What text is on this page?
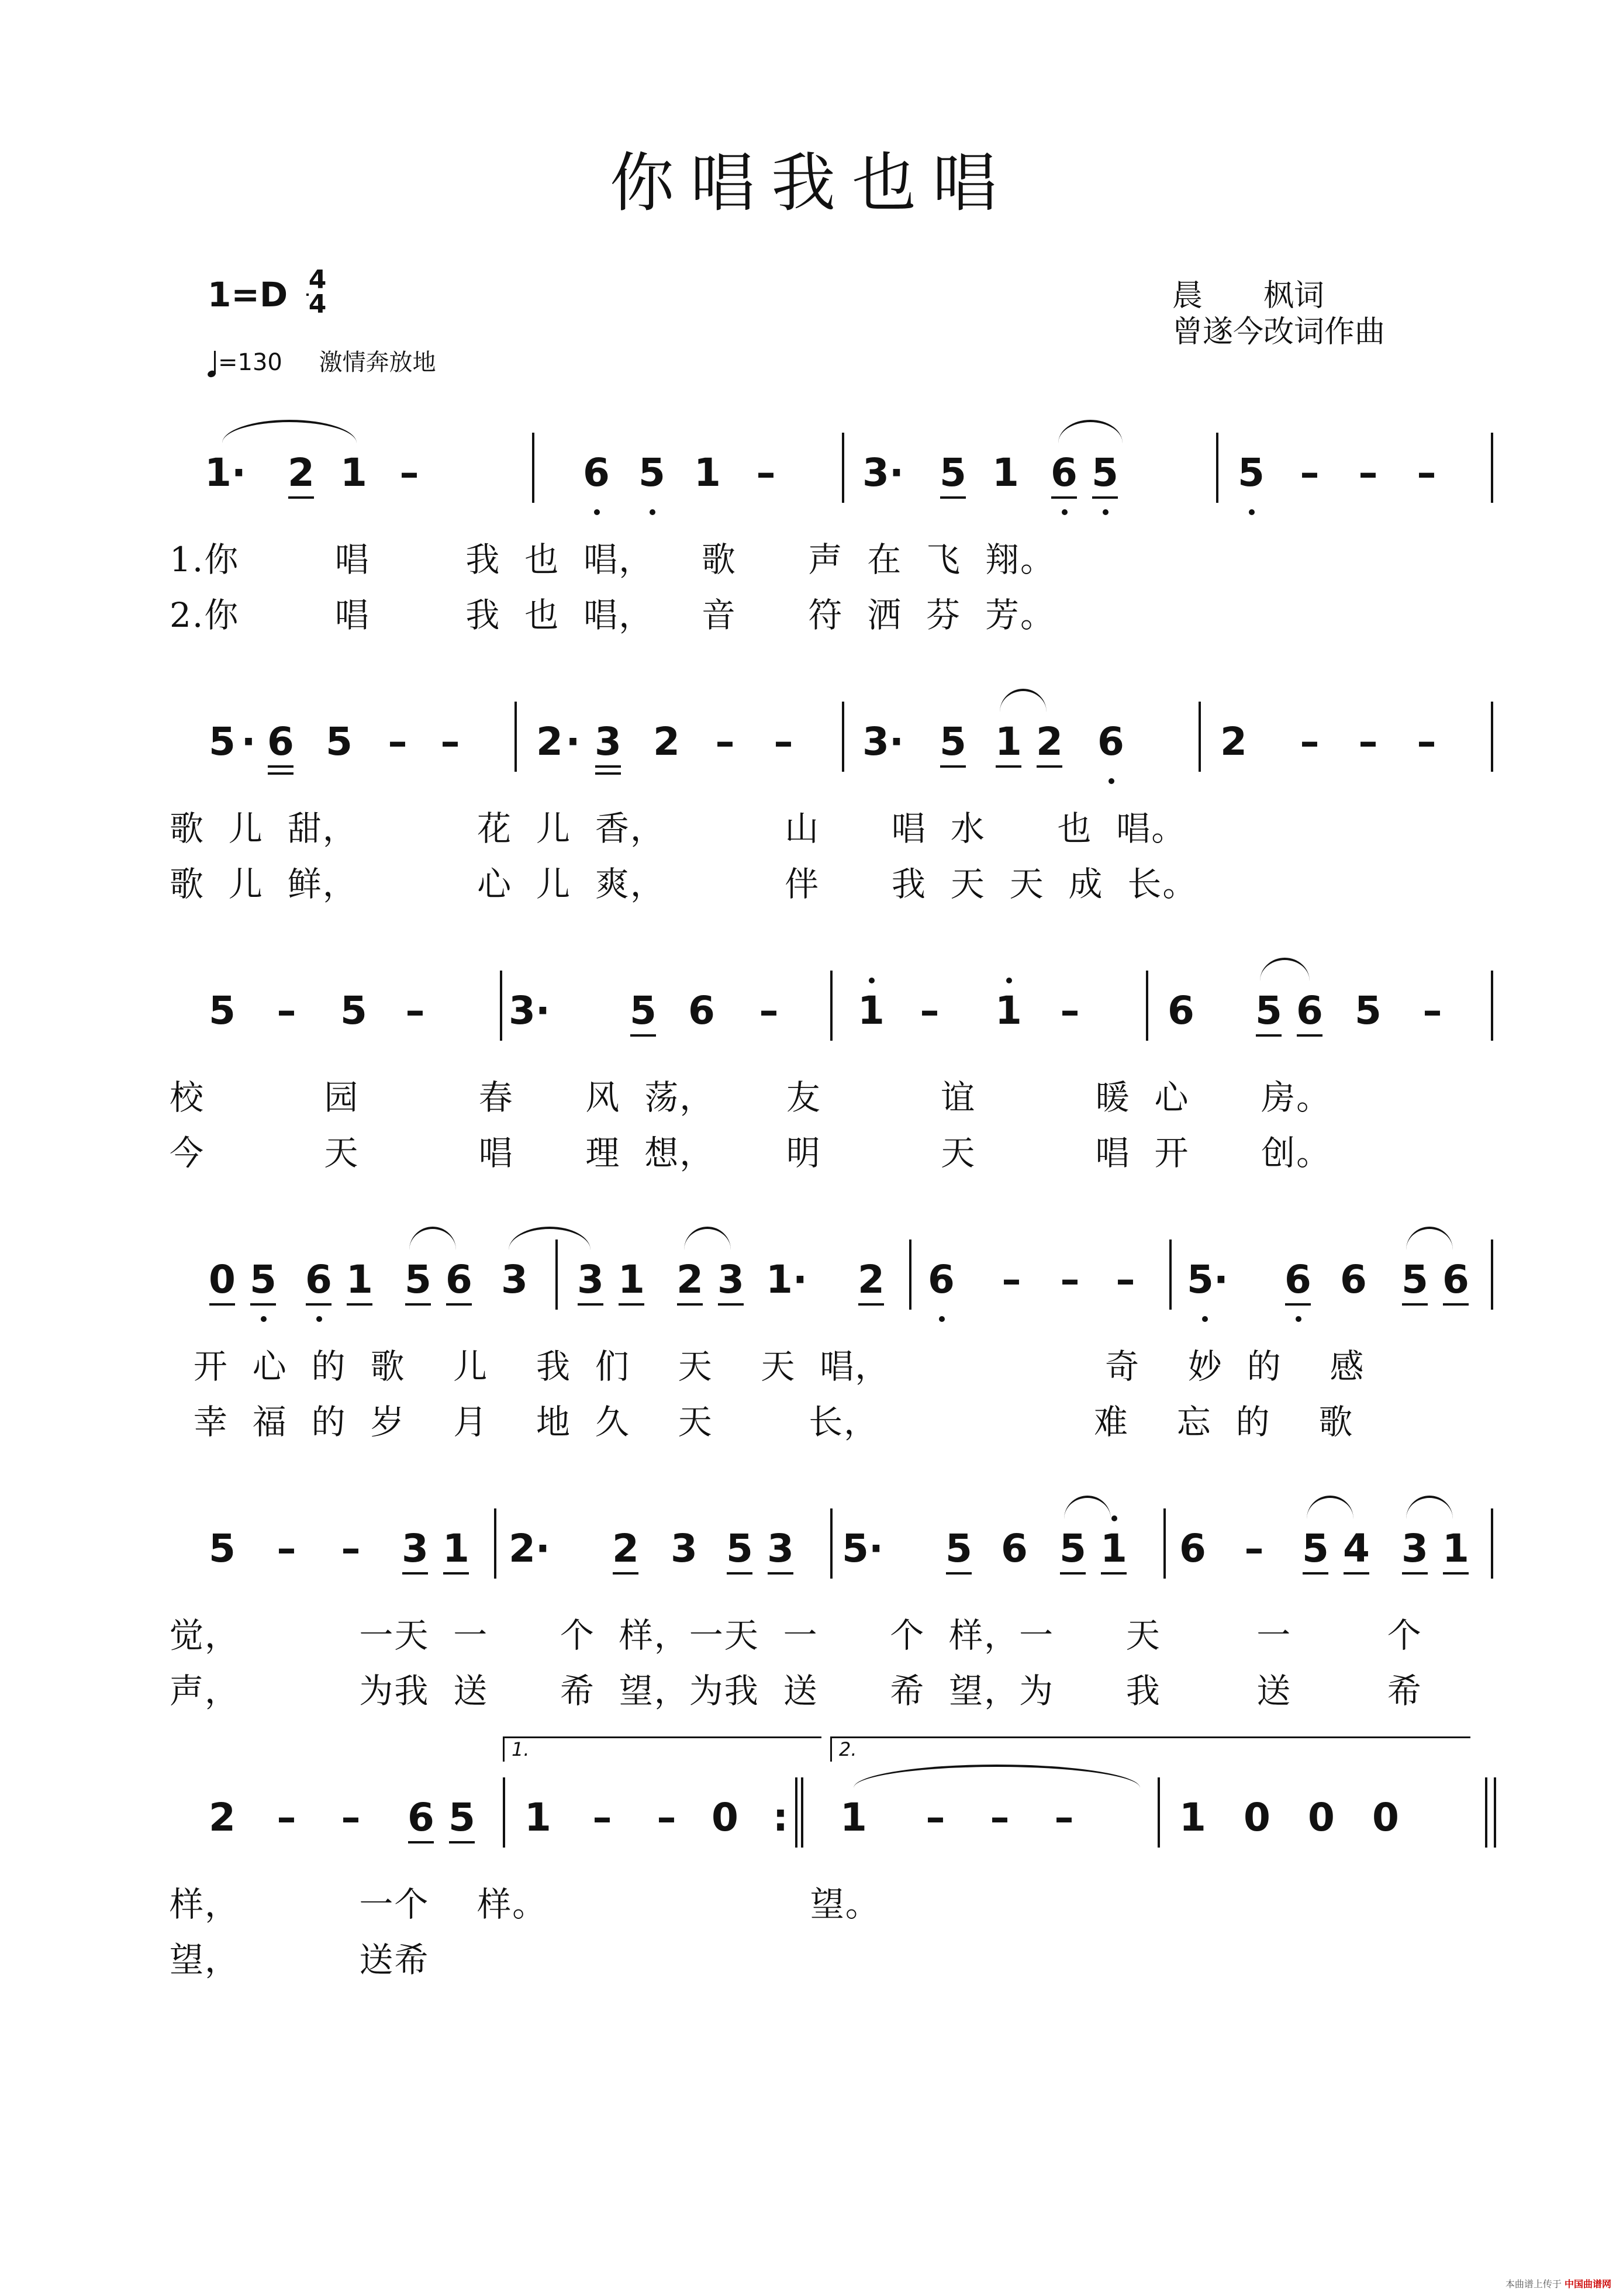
你唱我也唱
1=D 4
4
=130 激情奔放地
晨　　枫词
曾遂今改词作曲
1· 2 1 –	6 5 1 – 3· 5 1 6 5	5 – – –
1.你        唱        我  也  唱，    歌      声  在  飞  翔。
2.你        唱        我  也  唱，    音      符  洒  芬  芳。
5 · 6 5 – – 2 · 3 2 – – 3· 5 1 2 6 2 – – –
歌  儿  甜，          花  儿  香，          山      唱  水      也  唱。
歌  儿  鲜，          心  儿  爽，          伴      我  天  天  成  长。
5 – 5 – 3· 5 6 – 1 – 1 – 6 5 6 5 –
校          园          春      风  荡，      友          谊          暖  心      房。
今          天          唱      理  想，      明          天          唱  开      创。
0 5 6 1 5 6 3 3 1 2 3 1· 2 6 – – – 5· 6 6 5 6
开  心  的  歌    儿    我  们    天    天  唱，                  奇    妙  的    感
幸  福  的  岁    月    地  久    天        长，                  难    忘  的    歌
5 – – 3 1 2· 2 3 5 3 5· 5 6 5 1 6 – 5 4 3 1
觉，          一天  一      个  样，一天  一      个  样，一      天        一        个
声，          为我  送      希  望，为我  送      希  望，为      我        送        希
2 – – 6 5 1 – – 0 : 1 – – –	1 0 0 0
1.	2.
样，          一个    样。                      望。
望，          送希
本曲谱上传于 中国曲谱网
